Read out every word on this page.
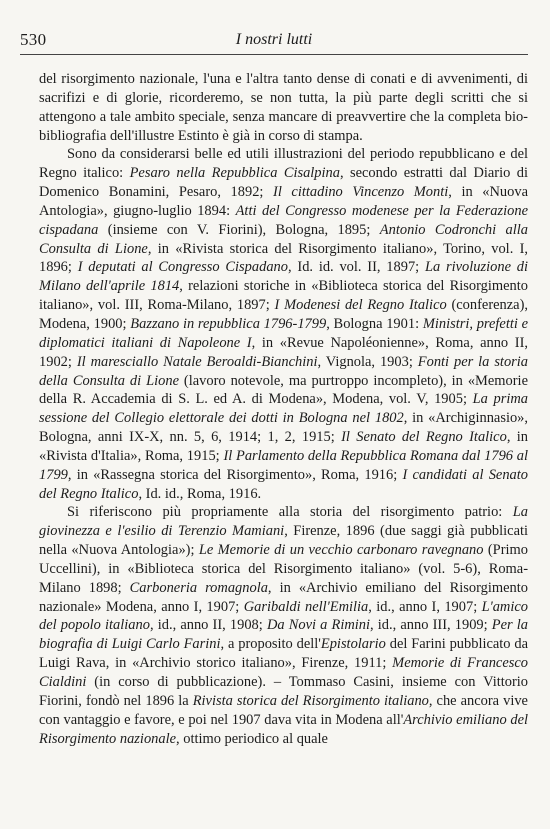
530	I nostri lutti

del risorgimento nazionale, l'una e l'altra tanto dense di conati e di avvenimenti, di sacrifizi e di glorie, ricorderemo, se non tutta, la più parte degli scritti che si attengono a tale ambito speciale, senza mancare di preavvertire che la completa bio-bibliografia dell'illustre Estinto è già in corso di stampa.

Sono da considerarsi belle ed utili illustrazioni del periodo repubblicano e del Regno italico: Pesaro nella Repubblica Cisalpina, secondo estratti dal Diario di Domenico Bonamini, Pesaro, 1892; Il cittadino Vincenzo Monti, in «Nuova Antologia», giugno-luglio 1894: Atti del Congresso modenese per la Federazione cispadana (insieme con V. Fiorini), Bologna, 1895; Antonio Codronchi alla Consulta di Lione, in «Rivista storica del Risorgimento italiano», Torino, vol. I, 1896; I deputati al Congresso Cispadano, Id. id. vol. II, 1897; La rivoluzione di Milano dell'aprile 1814, relazioni storiche in «Biblioteca storica del Risorgimento italiano», vol. III, Roma-Milano, 1897; I Modenesi del Regno Italico (conferenza), Modena, 1900; Bazzano in repubblica 1796-1799, Bologna 1901: Ministri, prefetti e diplomatici italiani di Napoleone I, in «Revue Napoléonienne», Roma, anno II, 1902; Il maresciallo Natale Beroaldi-Bianchini, Vignola, 1903; Fonti per la storia della Consulta di Lione (lavoro notevole, ma purtroppo incompleto), in «Memorie della R. Accademia di S. L. ed A. di Modena», Modena, vol. V, 1905; La prima sessione del Collegio elettorale dei dotti in Bologna nel 1802, in «Archiginnasio», Bologna, anni IX-X, nn. 5, 6, 1914; 1, 2, 1915; Il Senato del Regno Italico, in «Rivista d'Italia», Roma, 1915; Il Parlamento della Repubblica Romana dal 1796 al 1799, in «Rassegna storica del Risorgimento», Roma, 1916; I candidati al Senato del Regno Italico, Id. id., Roma, 1916.

Si riferiscono più propriamente alla storia del risorgimento patrio: La giovinezza e l'esilio di Terenzio Mamiani, Firenze, 1896 (due saggi già pubblicati nella «Nuova Antologia»); Le Memorie di un vecchio carbonaro ravegnano (Primo Uccellini), in «Biblioteca storica del Risorgimento italiano» (vol. 5-6), Roma-Milano 1898; Carboneria romagnola, in «Archivio emiliano del Risorgimento nazionale» Modena, anno I, 1907; Garibaldi nell'Emilia, id., anno I, 1907; L'amico del popolo italiano, id., anno II, 1908; Da Novi a Rimini, id., anno III, 1909; Per la biografia di Luigi Carlo Farini, a proposito dell'Epistolario del Farini pubblicato da Luigi Rava, in «Archivio storico italiano», Firenze, 1911; Memorie di Francesco Cialdini (in corso di pubblicazione). – Tommaso Casini, insieme con Vittorio Fiorini, fondò nel 1896 la Rivista storica del Risorgimento italiano, che ancora vive con vantaggio e favore, e poi nel 1907 dava vita in Modena all'Archivio emiliano del Risorgimento nazionale, ottimo periodico al quale
